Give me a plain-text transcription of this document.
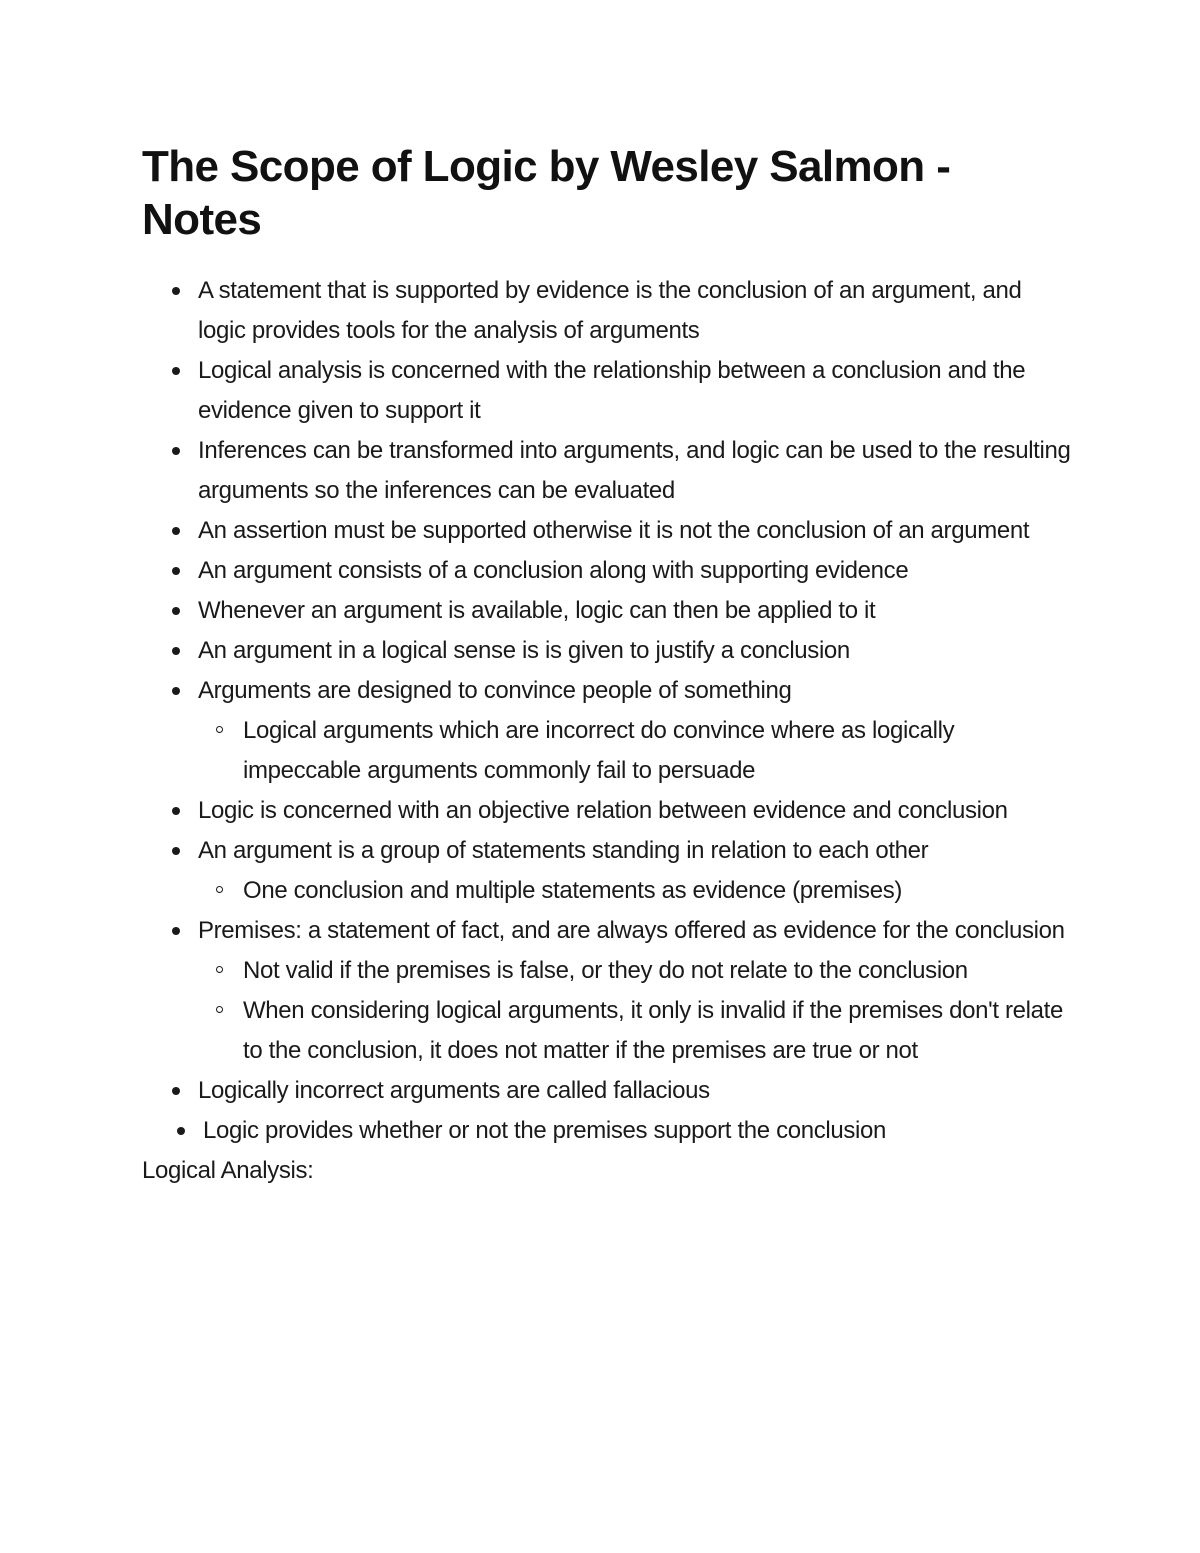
The Scope of Logic by Wesley Salmon - Notes
A statement that is supported by evidence is the conclusion of an argument, and logic provides tools for the analysis of arguments
Logical analysis is concerned with the relationship between a conclusion and the evidence given to support it
Inferences can be transformed into arguments, and logic can be used to the resulting arguments so the inferences can be evaluated
An assertion must be supported otherwise it is not the conclusion of an argument
An argument consists of a conclusion along with supporting evidence
Whenever an argument is available, logic can then be applied to it
An argument in a logical sense is is given to justify a conclusion
Arguments are designed to convince people of something
Logical arguments which are incorrect do convince where as logically impeccable arguments commonly fail to persuade
Logic is concerned with an objective relation between evidence and conclusion
An argument is a group of statements standing in relation to each other
One conclusion and multiple statements as evidence (premises)
Premises: a statement of fact, and are always offered as evidence for the conclusion
Not valid if the premises is false, or they do not relate to the conclusion
When considering logical arguments, it only is invalid if the premises don't relate to the conclusion, it does not matter if the premises are true or not
Logically incorrect arguments are called fallacious
Logic provides whether or not the premises support the conclusion
Logical Analysis:
